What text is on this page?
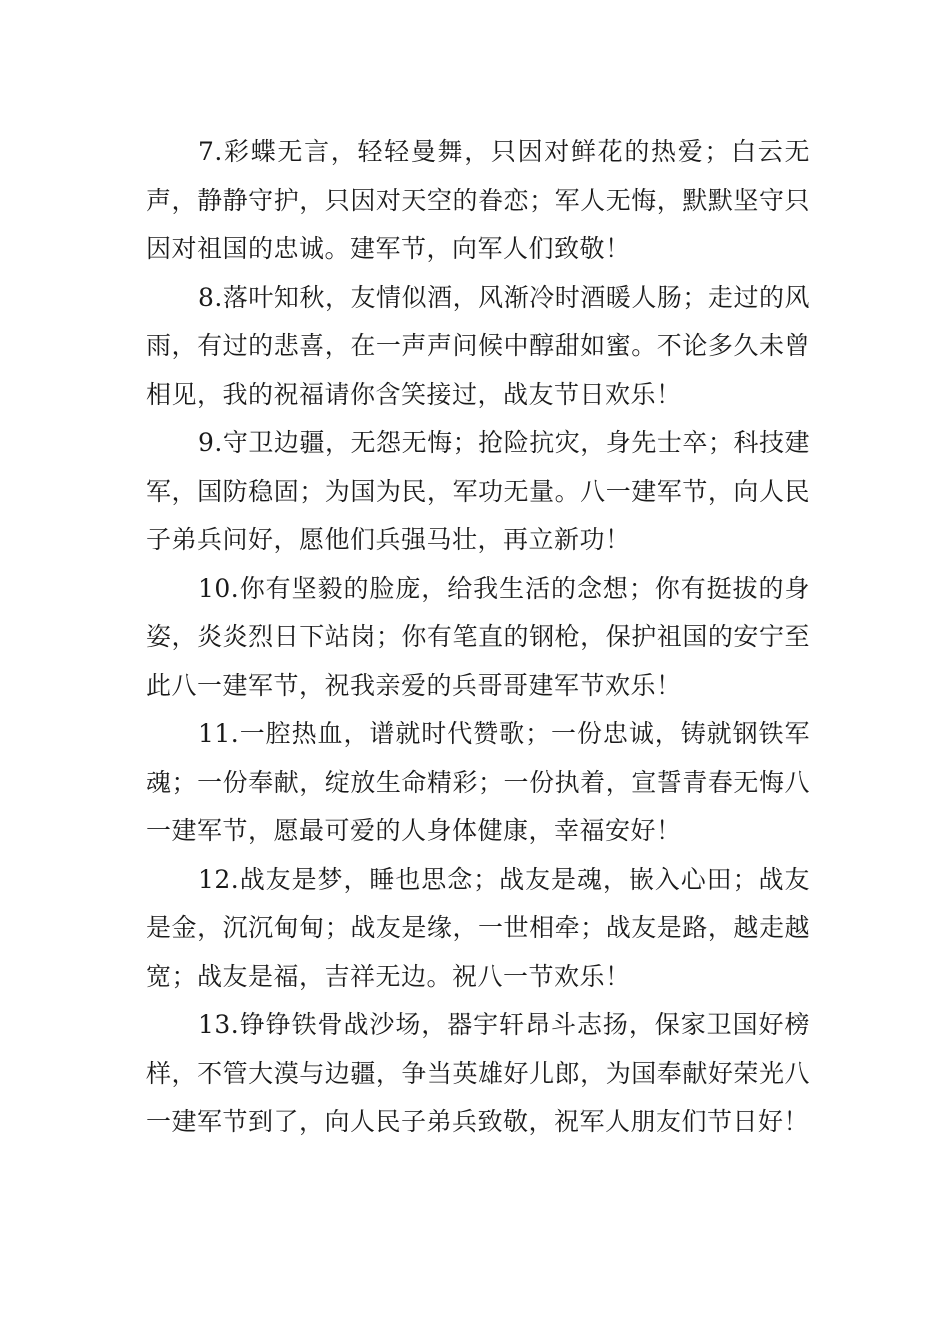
7.彩蝶无言，轻轻曼舞，只因对鲜花的热爱；白云无声，静静守护，只因对天空的眷恋；军人无悔，默默坚守只因对祖国的忠诚。建军节，向军人们致敬！

8.落叶知秋，友情似酒，风渐冷时酒暖人肠；走过的风雨，有过的悲喜，在一声声问候中醇甜如蜜。不论多久未曾相见，我的祝福请你含笑接过，战友节日欢乐！

9.守卫边疆，无怨无悔；抢险抗灾，身先士卒；科技建军，国防稳固；为国为民，军功无量。八一建军节，向人民子弟兵问好，愿他们兵强马壮，再立新功！

10.你有坚毅的脸庞，给我生活的念想；你有挺拔的身姿，炎炎烈日下站岗；你有笔直的钢枪，保护祖国的安宁至此八一建军节，祝我亲爱的兵哥哥建军节欢乐！

11.一腔热血，谱就时代赞歌；一份忠诚，铸就钢铁军魂；一份奉献，绽放生命精彩；一份执着，宣誓青春无悔八一建军节，愿最可爱的人身体健康，幸福安好！

12.战友是梦，睡也思念；战友是魂，嵌入心田；战友是金，沉沉甸甸；战友是缘，一世相牵；战友是路，越走越宽；战友是福，吉祥无边。祝八一节欢乐！

13.铮铮铁骨战沙场，器宇轩昂斗志扬，保家卫国好榜样，不管大漠与边疆，争当英雄好儿郎，为国奉献好荣光八一建军节到了，向人民子弟兵致敬，祝军人朋友们节日好！
